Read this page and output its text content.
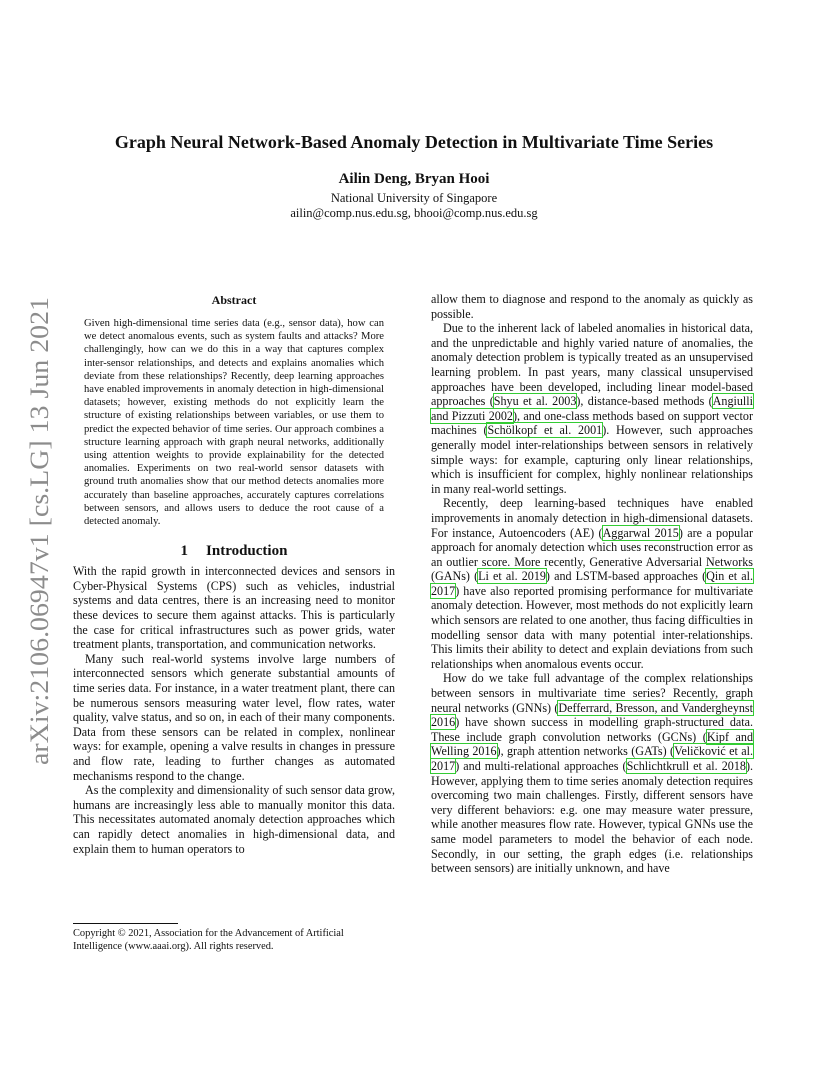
arXiv:2106.06947v1 [cs.LG] 13 Jun 2021
Graph Neural Network-Based Anomaly Detection in Multivariate Time Series
Ailin Deng, Bryan Hooi
National University of Singapore
ailin@comp.nus.edu.sg, bhooi@comp.nus.edu.sg
Abstract
Given high-dimensional time series data (e.g., sensor data), how can we detect anomalous events, such as system faults and attacks? More challengingly, how can we do this in a way that captures complex inter-sensor relationships, and detects and explains anomalies which deviate from these relationships? Recently, deep learning approaches have enabled improvements in anomaly detection in high-dimensional datasets; however, existing methods do not explicitly learn the structure of existing relationships between variables, or use them to predict the expected behavior of time series. Our approach combines a structure learning approach with graph neural networks, additionally using attention weights to provide explainability for the detected anomalies. Experiments on two real-world sensor datasets with ground truth anomalies show that our method detects anomalies more accurately than baseline approaches, accurately captures correlations between sensors, and allows users to deduce the root cause of a detected anomaly.
1 Introduction

With the rapid growth in interconnected devices and sensors in Cyber-Physical Systems (CPS) such as vehicles, industrial systems and data centres, there is an increasing need to monitor these devices to secure them against attacks. This is particularly the case for critical infrastructures such as power grids, water treatment plants, transportation, and communication networks.

Many such real-world systems involve large numbers of interconnected sensors which generate substantial amounts of time series data. For instance, in a water treatment plant, there can be numerous sensors measuring water level, flow rates, water quality, valve status, and so on, in each of their many components. Data from these sensors can be related in complex, nonlinear ways: for example, opening a valve results in changes in pressure and flow rate, leading to further changes as automated mechanisms respond to the change.

As the complexity and dimensionality of such sensor data grow, humans are increasingly less able to manually monitor this data. This necessitates automated anomaly detection approaches which can rapidly detect anomalies in high-dimensional data, and explain them to human operators to

Copyright © 2021, Association for the Advancement of Artificial Intelligence (www.aaai.org). All rights reserved.

allow them to diagnose and respond to the anomaly as quickly as possible.

Due to the inherent lack of labeled anomalies in historical data, and the unpredictable and highly varied nature of anomalies, the anomaly detection problem is typically treated as an unsupervised learning problem. In past years, many classical unsupervised approaches have been developed, including linear model-based approaches (Shyu et al. 2003), distance-based methods (Angiulli and Pizzuti 2002), and one-class methods based on support vector machines (Schölkopf et al. 2001). However, such approaches generally model inter-relationships between sensors in relatively simple ways: for example, capturing only linear relationships, which is insufficient for complex, highly nonlinear relationships in many real-world settings.

Recently, deep learning-based techniques have enabled improvements in anomaly detection in high-dimensional datasets. For instance, Autoencoders (AE) (Aggarwal 2015) are a popular approach for anomaly detection which uses reconstruction error as an outlier score. More recently, Generative Adversarial Networks (GANs) (Li et al. 2019) and LSTM-based approaches (Qin et al. 2017) have also reported promising performance for multivariate anomaly detection. However, most methods do not explicitly learn which sensors are related to one another, thus facing difficulties in modelling sensor data with many potential inter-relationships. This limits their ability to detect and explain deviations from such relationships when anomalous events occur.

How do we take full advantage of the complex relationships between sensors in multivariate time series? Recently, graph neural networks (GNNs) (Defferrard, Bresson, and Vandergheynst 2016) have shown success in modelling graph-structured data. These include graph convolution networks (GCNs) (Kipf and Welling 2016), graph attention networks (GATs) (Veličković et al. 2017) and multi-relational approaches (Schlichtkrull et al. 2018). However, applying them to time series anomaly detection requires overcoming two main challenges. Firstly, different sensors have very different behaviors: e.g. one may measure water pressure, while another measures flow rate. However, typical GNNs use the same model parameters to model the behavior of each node. Secondly, in our setting, the graph edges (i.e. relationships between sensors) are initially unknown, and have
